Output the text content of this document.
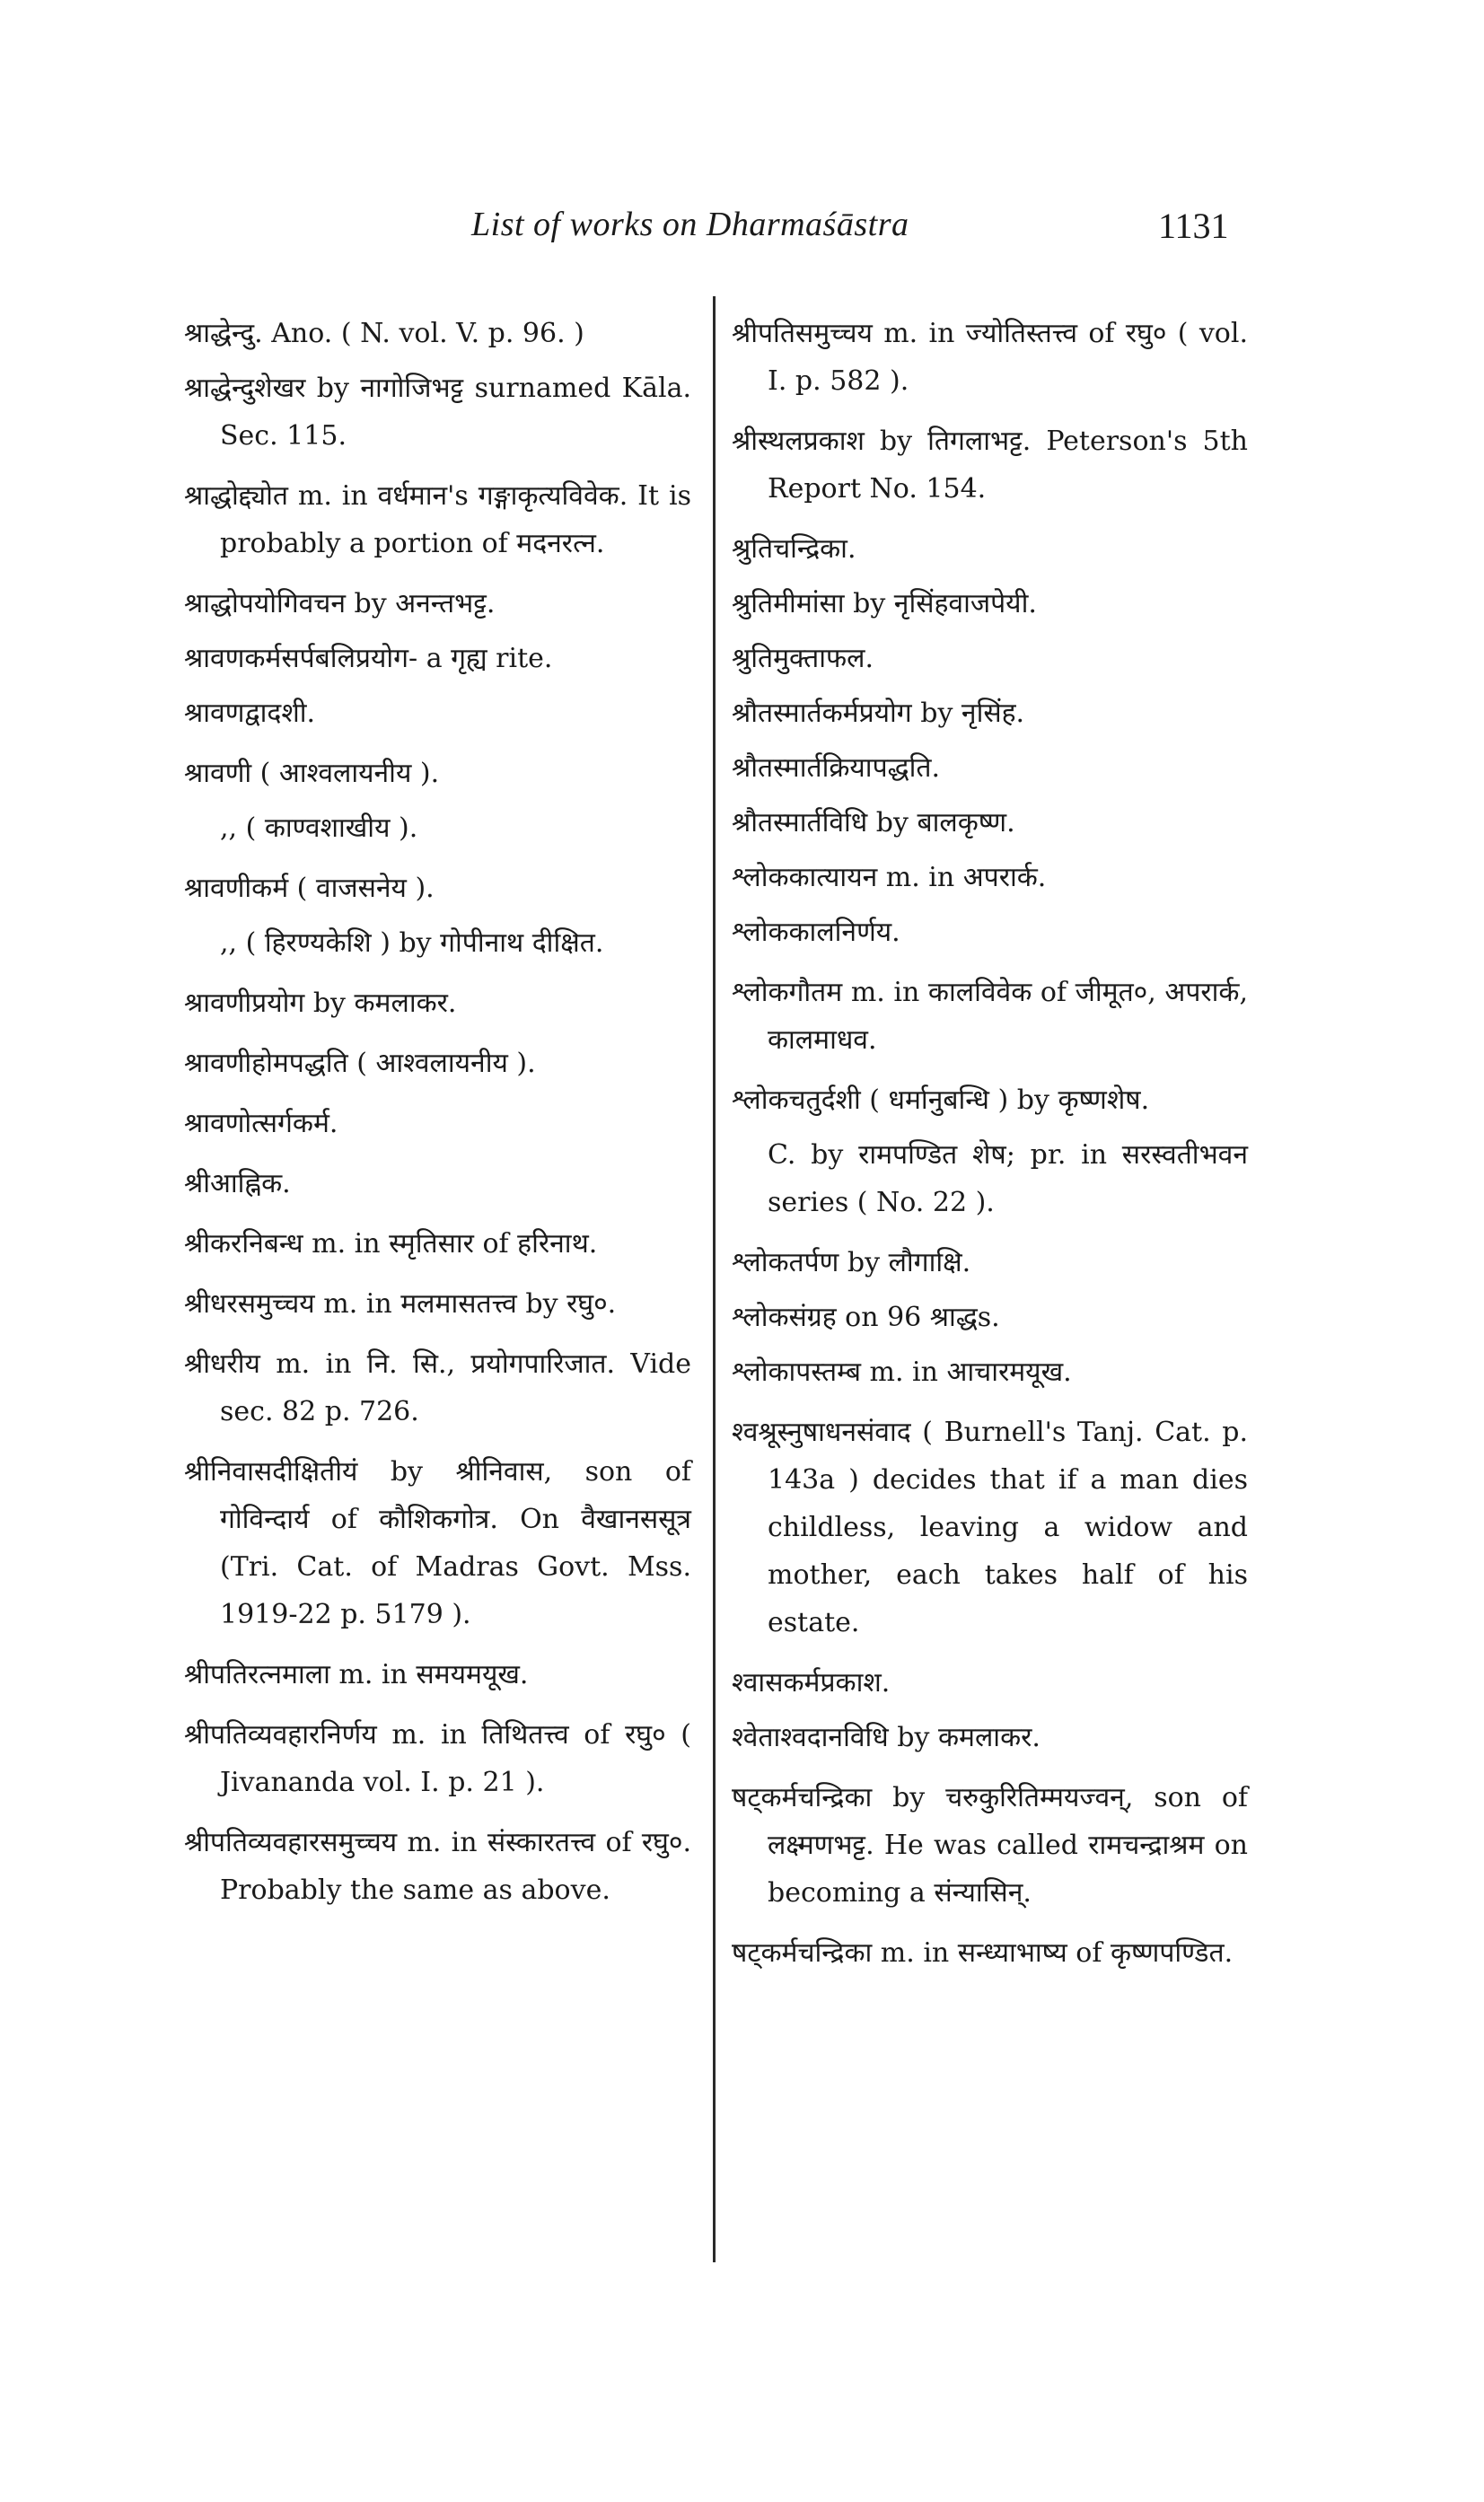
List of works on Dharmaśāstra	1131

श्राद्धेन्दु. Ano. ( N. vol. V. p. 96. )

श्राद्धेन्दुशेखर by नागोजिभट्ट surnamed Kāla. Sec. 115.

श्राद्धोद्द्योत m. in वर्धमान's गङ्गाकृत्यविवेक. It is probably a portion of मदनरत्न.

श्राद्धोपयोगिवचन by अनन्तभट्ट.

श्रावणकर्मसर्पबलिप्रयोग- a गृह्य rite.

श्रावणद्वादशी.

श्रावणी ( आश्वलायनीय ).

,, ( काण्वशाखीय ).

श्रावणीकर्म ( वाजसनेय ).

,, ( हिरण्यकेशि ) by गोपीनाथ दीक्षित.

श्रावणीप्रयोग by कमलाकर.

श्रावणीहोमपद्धति ( आश्वलायनीय ).

श्रावणोत्सर्गकर्म.

श्रीआह्निक.

श्रीकरनिबन्ध m. in स्मृतिसार of हरिनाथ.

श्रीधरसमुच्चय m. in मलमासतत्त्व by रघु०.

श्रीधरीय m. in नि. सि., प्रयोगपारिजात. Vide sec. 82 p. 726.

श्रीनिवासदीक्षितीयं by श्रीनिवास, son of गोविन्दार्य of कौशिकगोत्र. On वैखानससूत्र (Tri. Cat. of Madras Govt. Mss. 1919-22 p. 5179 ).

श्रीपतिरत्नमाला m. in समयमयूख.

श्रीपतिव्यवहारनिर्णय m. in तिथितत्त्व of रघु० ( Jivananda vol. I. p. 21 ).

श्रीपतिव्यवहारसमुच्चय m. in संस्कारतत्त्व of रघु०. Probably the same as above.

श्रीपतिसमुच्चय m. in ज्योतिस्तत्त्व of रघु० ( vol. I. p. 582 ).

श्रीस्थलप्रकाश by तिगलाभट्ट. Peterson's 5th Report No. 154.

श्रुतिचन्द्रिका.

श्रुतिमीमांसा by नृसिंहवाजपेयी.

श्रुतिमुक्ताफल.

श्रौतस्मार्तकर्मप्रयोग by नृसिंह.

श्रौतस्मार्तक्रियापद्धति.

श्रौतस्मार्तविधि by बालकृष्ण.

श्लोककात्यायन m. in अपरार्क.

श्लोककालनिर्णय.

श्लोकगौतम m. in कालविवेक of जीमूत०, अपरार्क, कालमाधव.

श्लोकचतुर्दशी ( धर्मानुबन्धि ) by कृष्णशेष.

C. by रामपण्डित शेष; pr. in सरस्वतीभवन series ( No. 22 ).

श्लोकतर्पण by लौगाक्षि.

श्लोकसंग्रह on 96 श्राद्धs.

श्लोकापस्तम्ब m. in आचारमयूख.

श्वश्रूस्नुषाधनसंवाद ( Burnell's Tanj. Cat. p. 143a ) decides that if a man dies childless, leaving a widow and mother, each takes half of his estate.

श्वासकर्मप्रकाश.

श्वेताश्वदानविधि by कमलाकर.

षट्कर्मचन्द्रिका by चरुकुरितिम्मयज्वन्, son of लक्ष्मणभट्ट. He was called रामचन्द्राश्रम on becoming a संन्यासिन्.

षट्कर्मचन्द्रिका m. in सन्ध्याभाष्य of कृष्णपण्डित.
